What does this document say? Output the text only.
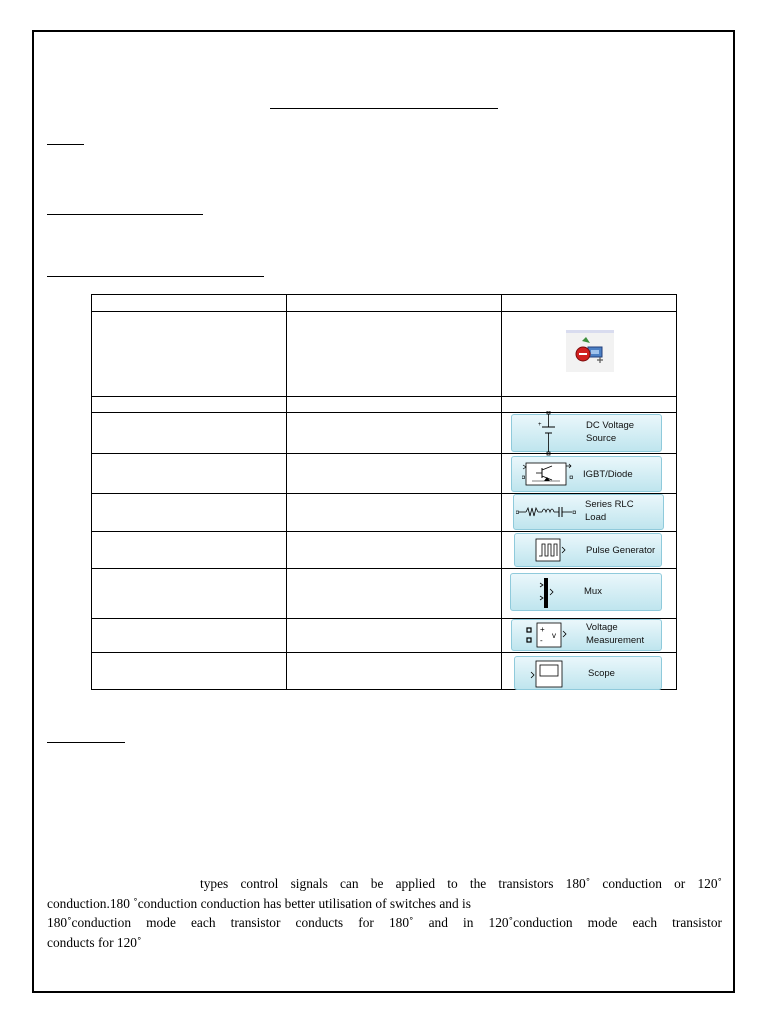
+	DC Voltage
Source
IGBT/Diode
Series RLC
Load
Pulse Generator
Mux
+
-
v
Voltage
Measurement
Scope
types control signals can be applied to the transistors 180˚ conduction or 120˚
conduction.180 ˚conduction conduction has better utilisation of switches and is
180˚conduction mode each transistor conducts for 180˚ and in 120˚conduction mode each transistor
conducts for 120˚
